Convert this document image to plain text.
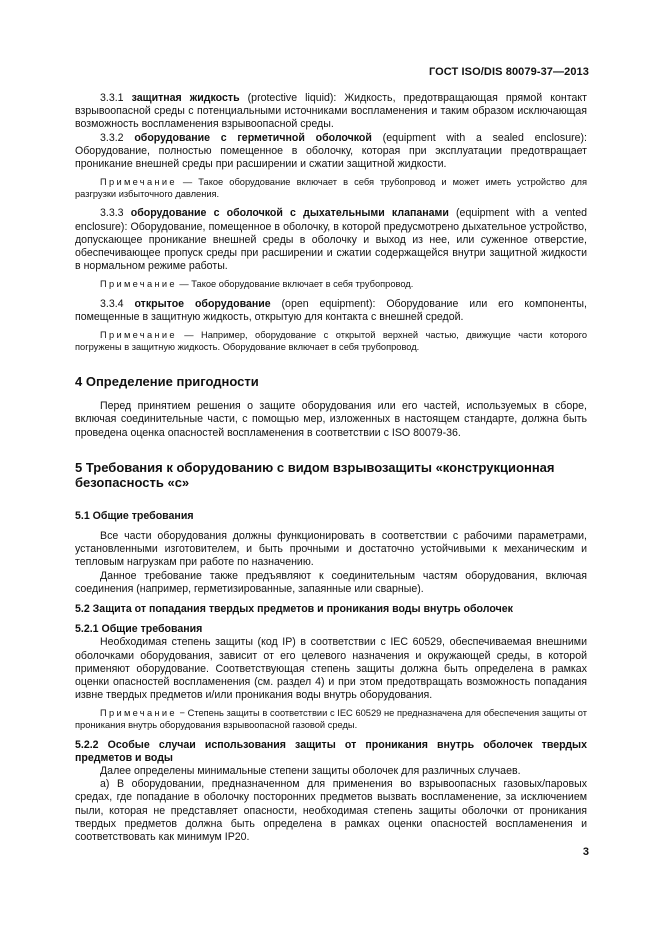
ГОСТ ISO/DIS 80079-37—2013

3.3.1 защитная жидкость (protective liquid): Жидкость, предотвращающая прямой контакт взрывоопасной среды с потенциальными источниками воспламенения и таким образом исключающая возможность воспламенения взрывоопасной среды.

3.3.2 оборудование с герметичной оболочкой (equipment with a sealed enclosure): Оборудование, полностью помещенное в оболочку, которая при эксплуатации предотвращает проникание внешней среды при расширении и сжатии защитной жидкости.

Примечание — Такое оборудование включает в себя трубопровод и может иметь устройство для разгрузки избыточного давления.

3.3.3 оборудование с оболочкой с дыхательными клапанами (equipment with a vented enclosure): Оборудование, помещенное в оболочку, в которой предусмотрено дыхательное устройство, допускающее проникание внешней среды в оболочку и выход из нее, или суженное отверстие, обеспечивающее пропуск среды при расширении и сжатии содержащейся внутри защитной жидкости в нормальном режиме работы.

Примечание — Такое оборудование включает в себя трубопровод.

3.3.4 открытое оборудование (open equipment): Оборудование или его компоненты, помещенные в защитную жидкость, открытую для контакта с внешней средой.

Примечание — Например, оборудование с открытой верхней частью, движущие части которого погружены в защитную жидкость. Оборудование включает в себя трубопровод.

4 Определение пригодности

Перед принятием решения о защите оборудования или его частей, используемых в сборе, включая соединительные части, с помощью мер, изложенных в настоящем стандарте, должна быть проведена оценка опасностей воспламенения в соответствии с ISO 80079-36.

5 Требования к оборудованию с видом взрывозащиты «конструкционная безопасность «с»

5.1 Общие требования

Все части оборудования должны функционировать в соответствии с рабочими параметрами, установленными изготовителем, и быть прочными и достаточно устойчивыми к механическим и тепловым нагрузкам при работе по назначению.

Данное требование также предъявляют к соединительным частям оборудования, включая соединения (например, герметизированные, запаянные или сварные).

5.2 Защита от попадания твердых предметов и проникания воды внутрь оболочек

5.2.1 Общие требования

Необходимая степень защиты (код IP) в соответствии с IEC 60529, обеспечиваемая внешними оболочками оборудования, зависит от его целевого назначения и окружающей среды, в которой применяют оборудование. Соответствующая степень защиты должна быть определена в рамках оценки опасностей воспламенения (см. раздел 4) и при этом предотвращать возможность попадания извне твердых предметов и/или проникания воды внутрь оборудования.

Примечание − Степень защиты в соответствии с IEC 60529 не предназначена для обеспечения защиты от проникания внутрь оборудования взрывоопасной газовой среды.

5.2.2 Особые случаи использования защиты от проникания внутрь оболочек твердых предметов и воды

Далее определены минимальные степени защиты оболочек для различных случаев.

а) В оборудовании, предназначенном для применения во взрывоопасных газовых/паровых средах, где попадание в оболочку посторонних предметов вызвать воспламенение, за исключением пыли, которая не представляет опасности, необходимая степень защиты оболочки от проникания твердых предметов должна быть определена в рамках оценки опасностей воспламенения и соответствовать как минимум IP20.

3
